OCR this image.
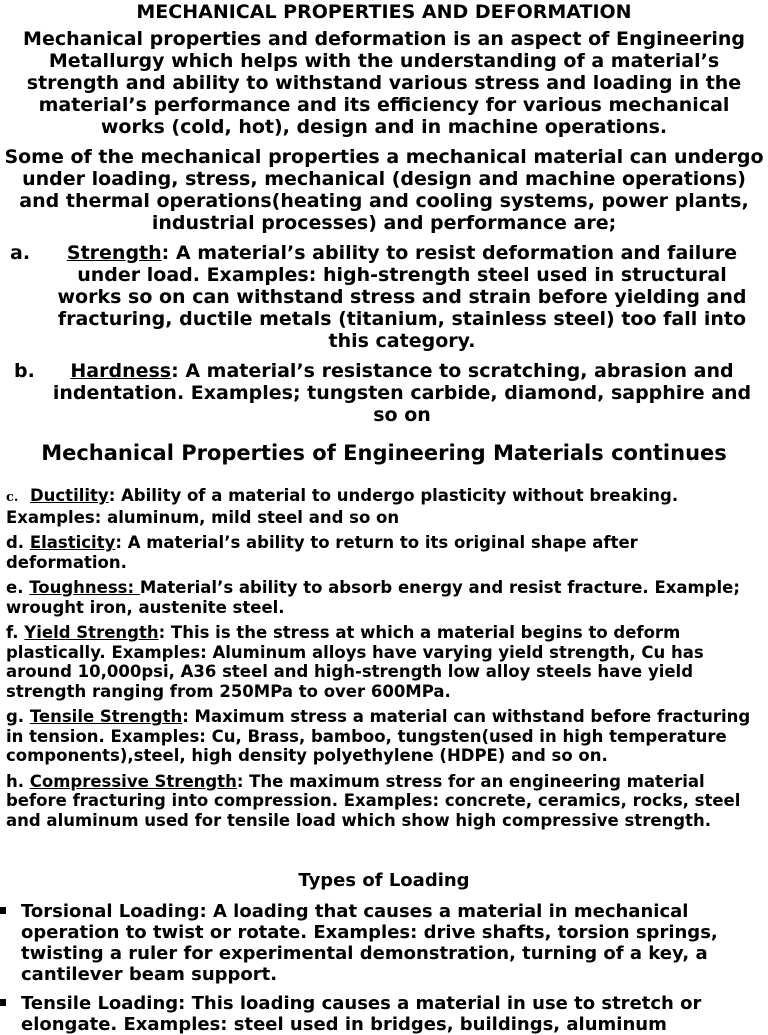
MECHANICAL PROPERTIES AND DEFORMATION

Mechanical properties and deformation is an aspect of Engineering Metallurgy which helps with the understanding of a material’s strength and ability to withstand various stress and loading in the material’s performance and its efficiency for various mechanical works (cold, hot), design and in machine operations.

Some of the mechanical properties a mechanical material can undergo under loading, stress, mechanical (design and machine operations) and thermal operations(heating and cooling systems, power plants, industrial processes) and performance are;

a. Strength: A material’s ability to resist deformation and failure under load. Examples: high-strength steel used in structural works so on can withstand stress and strain before yielding and fracturing, ductile metals (titanium, stainless steel) too fall into this category.
b. Hardness: A material’s resistance to scratching, abrasion and indentation. Examples; tungsten carbide, diamond, sapphire and so on
Mechanical Properties of Engineering Materials continues
c. Ductility: Ability of a material to undergo plasticity without breaking. Examples: aluminum, mild steel and so on
d. Elasticity: A material’s ability to return to its original shape after deformation.
e. Toughness: Material’s ability to absorb energy and resist fracture. Example; wrought iron, austenite steel.
f. Yield Strength: This is the stress at which a material begins to deform plastically. Examples: Aluminum alloys have varying yield strength, Cu has around 10,000psi, A36 steel and high-strength low alloy steels have yield strength ranging from 250MPa to over 600MPa.
g. Tensile Strength: Maximum stress a material can withstand before fracturing in tension. Examples: Cu, Brass, bamboo, tungsten(used in high temperature components),steel, high density polyethylene (HDPE) and so on.
h. Compressive Strength: The maximum stress for an engineering material before fracturing into compression. Examples: concrete, ceramics, rocks, steel and aluminum used for tensile load which show high compressive strength.
Types of Loading
Torsional Loading: A loading that causes a material in mechanical operation to twist or rotate. Examples: drive shafts, torsion springs, twisting a ruler for experimental demonstration, turning of a key, a cantilever beam support.
Tensile Loading: This loading causes a material in use to stretch or elongate. Examples: steel used in bridges, buildings, aluminum
